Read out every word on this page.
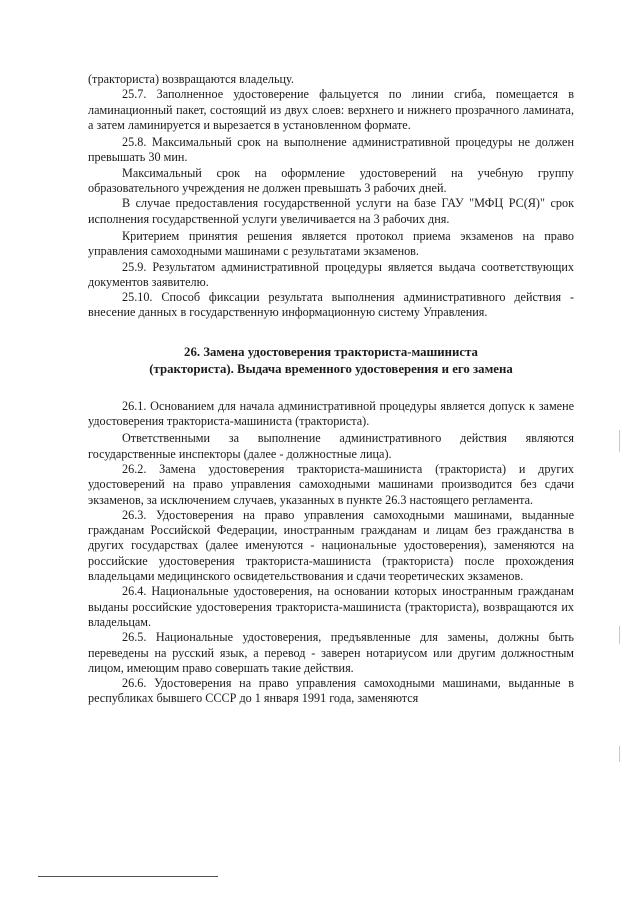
(тракториста) возвращаются владельцу.

25.7. Заполненное удостоверение фальцуется по линии сгиба, помещается в ламинационный пакет, состоящий из двух слоев: верхнего и нижнего прозрачного ламината, а затем ламинируется и вырезается в установленном формате.

25.8. Максимальный срок на выполнение административной процедуры не должен превышать 30 мин.

Максимальный срок на оформление удостоверений на учебную группу образовательного учреждения не должен превышать 3 рабочих дней.

В случае предоставления государственной услуги на базе ГАУ "МФЦ РС(Я)" срок исполнения государственной услуги увеличивается на 3 рабочих дня.

Критерием принятия решения является протокол приема экзаменов на право управления самоходными машинами с результатами экзаменов.

25.9. Результатом административной процедуры является выдача соответствующих документов заявителю.

25.10. Способ фиксации результата выполнения административного действия - внесение данных в государственную информационную систему Управления.

26. Замена удостоверения тракториста-машиниста
(тракториста). Выдача временного удостоверения и его замена

26.1. Основанием для начала административной процедуры является допуск к замене удостоверения тракториста-машиниста (тракториста).

Ответственными за выполнение административного действия являются государственные инспекторы (далее - должностные лица).

26.2. Замена удостоверения тракториста-машиниста (тракториста) и других удостоверений на право управления самоходными машинами производится без сдачи экзаменов, за исключением случаев, указанных в пункте 26.3 настоящего регламента.

26.3. Удостоверения на право управления самоходными машинами, выданные гражданам Российской Федерации, иностранным гражданам и лицам без гражданства в других государствах (далее именуются - национальные удостоверения), заменяются на российские удостоверения тракториста-машиниста (тракториста) после прохождения владельцами медицинского освидетельствования и сдачи теоретических экзаменов.

26.4. Национальные удостоверения, на основании которых иностранным гражданам выданы российские удостоверения тракториста-машиниста (тракториста), возвращаются их владельцам.

26.5. Национальные удостоверения, предъявленные для замены, должны быть переведены на русский язык, а перевод - заверен нотариусом или другим должностным лицом, имеющим право совершать такие действия.

26.6. Удостоверения на право управления самоходными машинами, выданные в республиках бывшего СССР до 1 января 1991 года, заменяются
